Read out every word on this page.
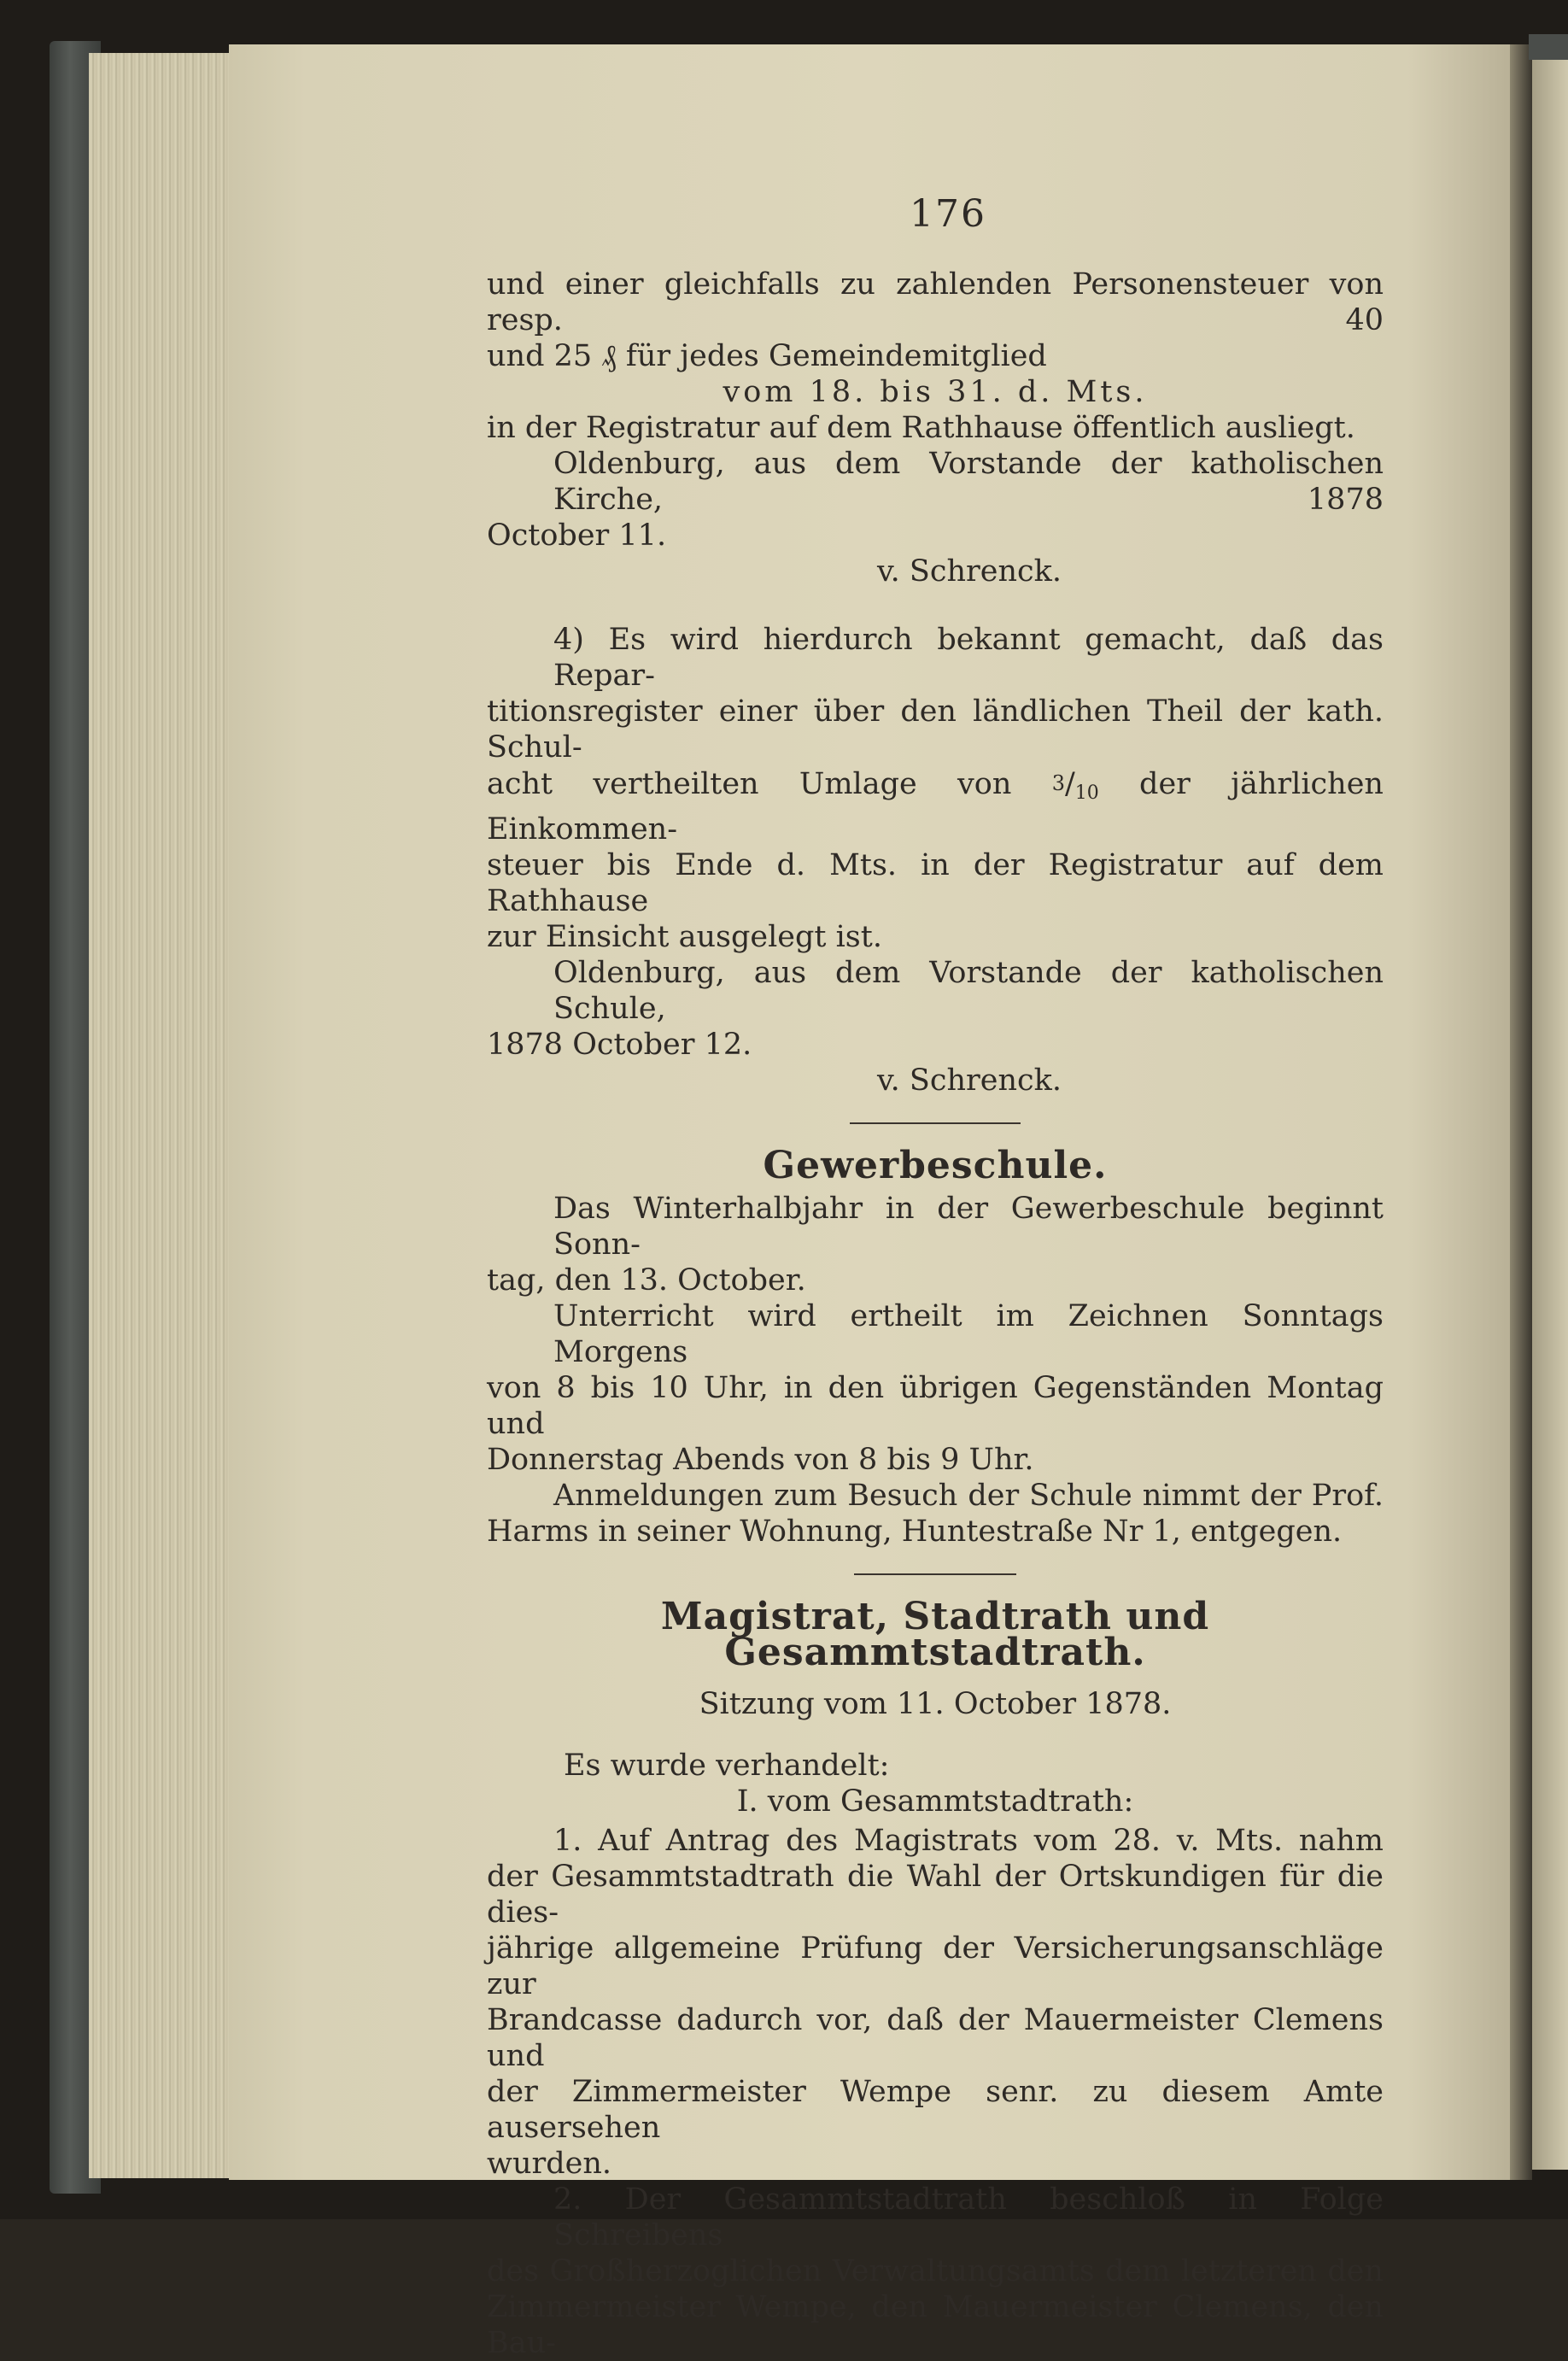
176

und einer gleichfalls zu zahlenden Personensteuer von resp. 40

und 25 ₰ für jedes Gemeindemitglied

vom 18. bis 31. d. Mts.

in der Registratur auf dem Rathhause öffentlich ausliegt.

Oldenburg, aus dem Vorstande der katholischen Kirche, 1878

October 11.

v. Schrenck.

4) Es wird hierdurch bekannt gemacht, daß das Repar-

titionsregister einer über den ländlichen Theil der kath. Schul-

acht vertheilten Umlage von $3/_{10}$ der jährlichen Einkommen-

steuer bis Ende d. Mts. in der Registratur auf dem Rathhause

zur Einsicht ausgelegt ist.

Oldenburg, aus dem Vorstande der katholischen Schule,

1878 October 12.

v. Schrenck.

Gewerbeschule.

Das Winterhalbjahr in der Gewerbeschule beginnt Sonn-

tag, den 13. October.

Unterricht wird ertheilt im Zeichnen Sonntags Morgens

von 8 bis 10 Uhr, in den übrigen Gegenständen Montag und

Donnerstag Abends von 8 bis 9 Uhr.

Anmeldungen zum Besuch der Schule nimmt der Prof.

Harms in seiner Wohnung, Huntestraße Nr 1, entgegen.

Magistrat, Stadtrath und Gesammtstadtrath.

Sitzung vom 11. October 1878.

Es wurde verhandelt:

I. vom Gesammtstadtrath:

1. Auf Antrag des Magistrats vom 28. v. Mts. nahm

der Gesammtstadtrath die Wahl der Ortskundigen für die dies-

jährige allgemeine Prüfung der Versicherungsanschläge zur

Brandcasse dadurch vor, daß der Mauermeister Clemens und

der Zimmermeister Wempe senr. zu diesem Amte ausersehen

wurden.

2. Der Gesammtstadtrath beschloß in Folge Schreibens

des Großherzoglichen Verwaltungsamts dem letzteren den

Zimmermeister Wempe, den Mauermeister Clemens, den Bau-
